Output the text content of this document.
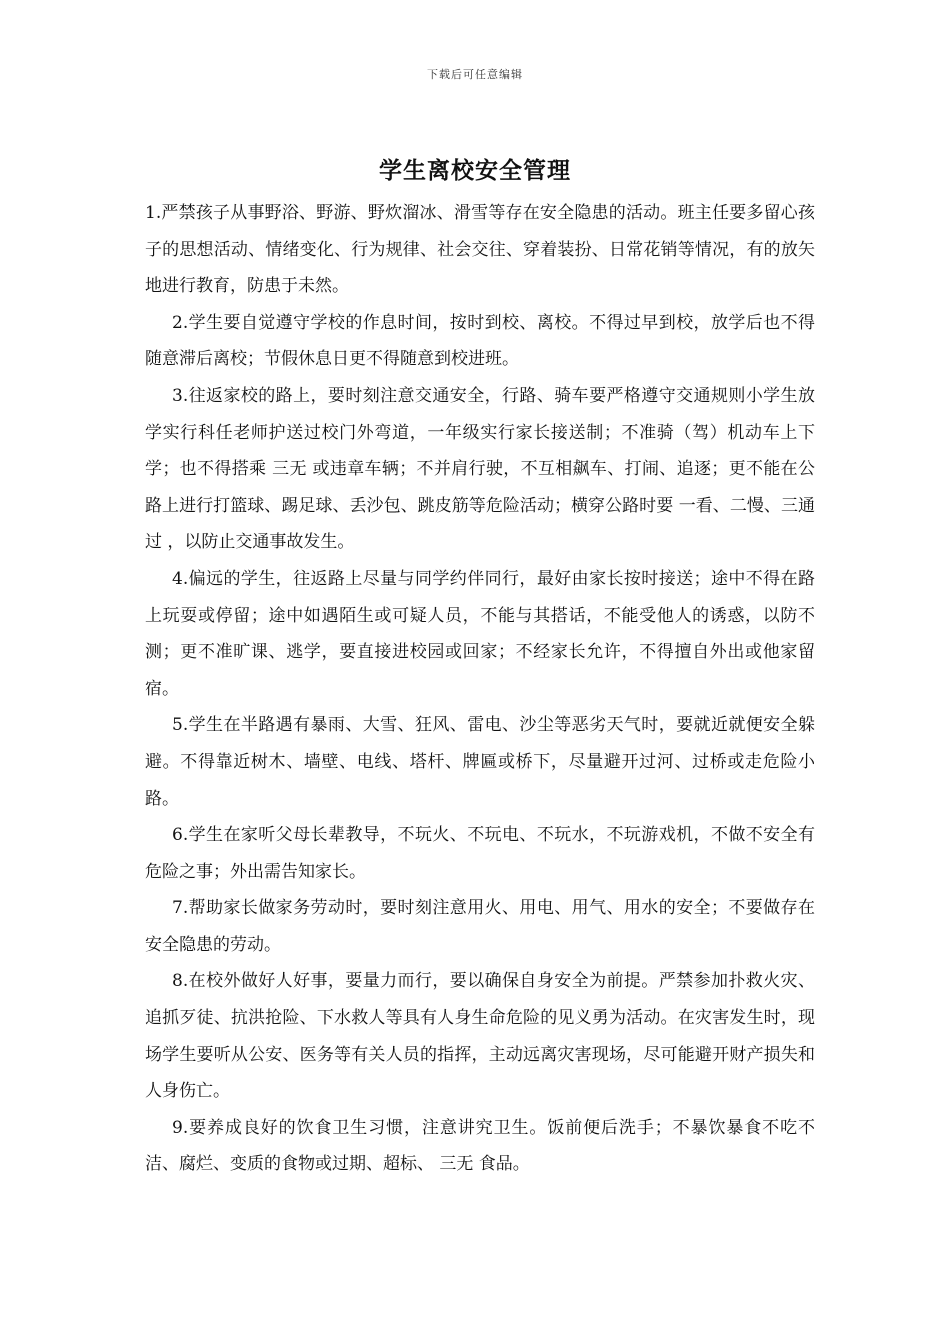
下载后可任意编辑
学生离校安全管理

1.严禁孩子从事野浴、野游、野炊溜冰、滑雪等存在安全隐患的活动。班主任要多留心孩子的思想活动、情绪变化、行为规律、社会交往、穿着装扮、日常花销等情况，有的放矢地进行教育，防患于未然。

2.学生要自觉遵守学校的作息时间，按时到校、离校。不得过早到校，放学后也不得随意滞后离校；节假休息日更不得随意到校进班。

3.往返家校的路上，要时刻注意交通安全，行路、骑车要严格遵守交通规则小学生放学实行科任老师护送过校门外弯道，一年级实行家长接送制；不准骑（驾）机动车上下学；也不得搭乘 三无 或违章车辆；不并肩行驶，不互相飙车、打闹、追逐；更不能在公路上进行打篮球、踢足球、丢沙包、跳皮筋等危险活动；横穿公路时要 一看、二慢、三通过 ，以防止交通事故发生。

4.偏远的学生，往返路上尽量与同学约伴同行，最好由家长按时接送；途中不得在路上玩耍或停留；途中如遇陌生或可疑人员，不能与其搭话，不能受他人的诱惑，以防不测；更不准旷课、逃学，要直接进校园或回家；不经家长允许，不得擅自外出或他家留宿。

5.学生在半路遇有暴雨、大雪、狂风、雷电、沙尘等恶劣天气时，要就近就便安全躲避。不得靠近树木、墙壁、电线、塔杆、牌匾或桥下，尽量避开过河、过桥或走危险小路。

6.学生在家听父母长辈教导，不玩火、不玩电、不玩水，不玩游戏机，不做不安全有危险之事；外出需告知家长。

7.帮助家长做家务劳动时，要时刻注意用火、用电、用气、用水的安全；不要做存在安全隐患的劳动。

8.在校外做好人好事，要量力而行，要以确保自身安全为前提。严禁参加扑救火灾、追抓歹徒、抗洪抢险、下水救人等具有人身生命危险的见义勇为活动。在灾害发生时，现场学生要听从公安、医务等有关人员的指挥，主动远离灾害现场，尽可能避开财产损失和人身伤亡。

9.要养成良好的饮食卫生习惯，注意讲究卫生。饭前便后洗手；不暴饮暴食不吃不洁、腐烂、变质的食物或过期、超标、 三无 食品。
